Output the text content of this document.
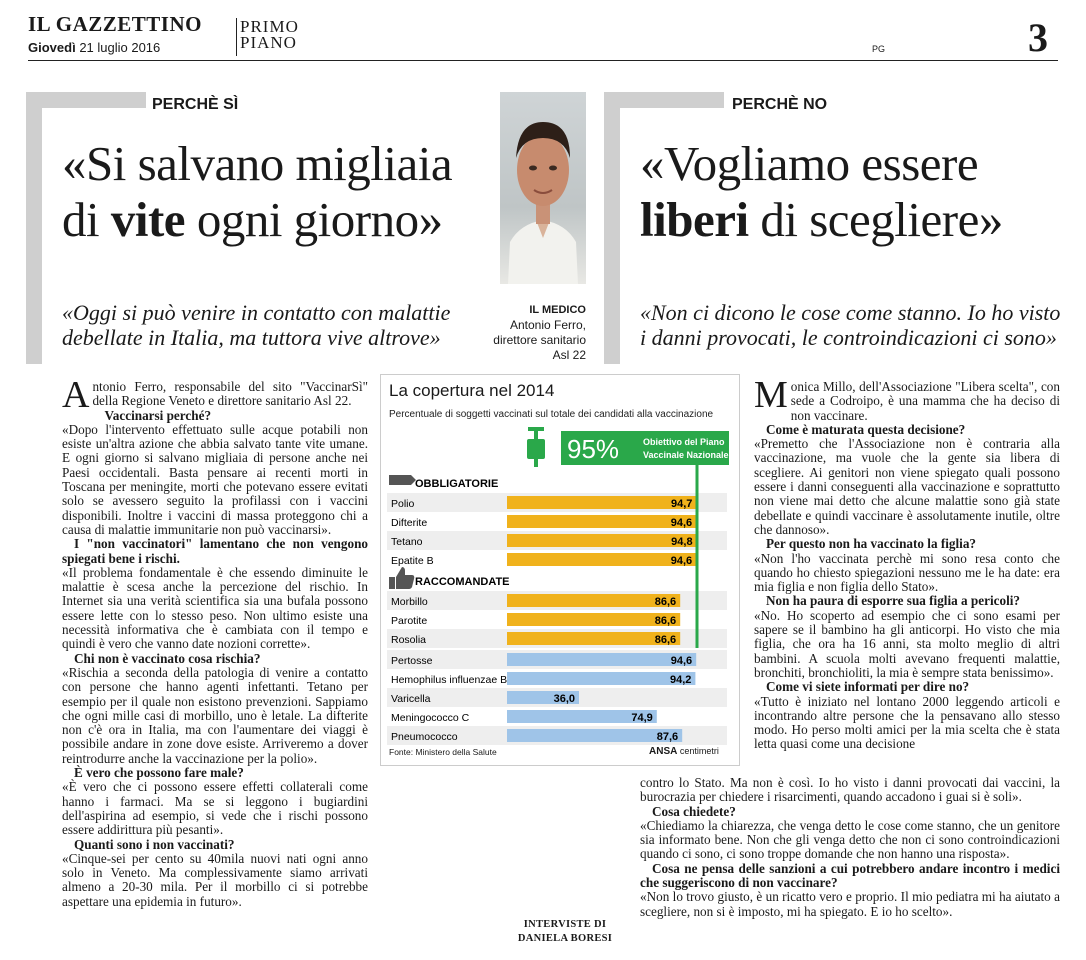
IL GAZZETTINO
Giovedì 21 luglio 2016
PRIMO
PIANO	PG	3
PERCHÈ SÌ
«Si salvano migliaia
di vite ogni giorno»
«Oggi si può venire in contatto con malattie debellate in Italia, ma tuttora vive altrove»
IL MEDICO
Antonio Ferro, direttore sanitario Asl 22
PERCHÈ NO
«Vogliamo essere
liberi di scegliere»
«Non ci dicono le cose come stanno. Io ho visto i danni provocati, le controindicazioni ci sono»

Antonio Ferro, responsabile del sito "VaccinarSì" della Regione Veneto e direttore sanitario Asl 22.

Vaccinarsi perché?

«Dopo l'intervento effettuato sulle acque potabili non esiste un'altra azione che abbia salvato tante vite umane. E ogni giorno si salvano migliaia di persone anche nei Paesi occidentali. Basta pensare ai recenti morti in Toscana per meningite, morti che potevano essere evitati solo se avessero seguito la profilassi con i vaccini disponibili. Inoltre i vaccini di massa proteggono chi a causa di malattie immunitarie non può vaccinarsi».

I "non vaccinatori" lamentano che non vengono spiegati bene i rischi.

«Il problema fondamentale è che essendo diminuite le malattie è scesa anche la percezione del rischio. In Internet sia una verità scientifica sia una bufala possono essere lette con lo stesso peso. Non ultimo esiste una necessità informativa che è cambiata con il tempo e quindi è vero che vanno date nozioni corrette».

Chi non è vaccinato cosa rischia?

«Rischia a seconda della patologia di venire a contatto con persone che hanno agenti infettanti. Tetano per esempio per il quale non esistono prevenzioni. Sappiamo che ogni mille casi di morbillo, uno è letale. La difterite non c'è ora in Italia, ma con l'aumentare dei viaggi è possibile andare in zone dove esiste. Arriveremo a dover reintrodurre anche la vaccinazione per la polio».

È vero che possono fare male?

«È vero che ci possono essere effetti collaterali come hanno i farmaci. Ma se si leggono i bugiardini dell'aspirina ad esempio, si vede che i rischi possono essere addirittura più pesanti».

Quanti sono i non vaccinati?

«Cinque-sei per cento su 40mila nuovi nati ogni anno solo in Veneto. Ma complessivamente siamo arrivati almeno a 20-30 mila. Per il morbillo ci si potrebbe aspettare una epidemia in futuro».

Monica Millo, dell'Associazione "Libera scelta", con sede a Codroipo, è una mamma che ha deciso di non vaccinare.

Come è maturata questa decisione?

«Premetto che l'Associazione non è contraria alla vaccinazione, ma vuole che la gente sia libera di scegliere. Ai genitori non viene spiegato quali possono essere i danni conseguenti alla vaccinazione e soprattutto non viene mai detto che alcune malattie sono già state debellate e quindi vaccinare è assolutamente inutile, oltre che dannoso».

Per questo non ha vaccinato la figlia?

«Non l'ho vaccinata perchè mi sono resa conto che quando ho chiesto spiegazioni nessuno me le ha date: era mia figlia e non figlia dello Stato».

Non ha paura di esporre sua figlia a pericoli?

«No. Ho scoperto ad esempio che ci sono esami per sapere se il bambino ha gli anticorpi. Ho visto che mia figlia, che ora ha 16 anni, sta molto meglio di altri bambini. A scuola molti avevano frequenti malattie, bronchiti, bronchioliti, la mia è sempre stata benissimo».

Come vi siete informati per dire no?

«Tutto è iniziato nel lontano 2000 leggendo articoli e incontrando altre persone che la pensavano allo stesso modo. Ho perso molti amici per la mia scelta che è stata letta quasi come una decisione

contro lo Stato. Ma non è così. Io ho visto i danni provocati dai vaccini, la burocrazia per chiedere i risarcimenti, quando accadono i guai si è soli».

Cosa chiedete?

«Chiediamo la chiarezza, che venga detto le cose come stanno, che un genitore sia informato bene. Non che gli venga detto che non ci sono controindicazioni quando ci sono, ci sono troppe domande che non hanno una risposta».

Cosa ne pensa delle sanzioni a cui potrebbero andare incontro i medici che suggeriscono di non vaccinare?

«Non lo trovo giusto, è un ricatto vero e proprio. Il mio pediatra mi ha aiutato a scegliere, non si è imposto, mi ha spiegato. E io ho scelto».

INTERVISTE DI
DANIELA BORESI
La copertura nel 2014
Percentuale di soggetti vaccinati sul totale dei candidati alla vaccinazione
95%	Obiettivo del Piano
Vaccinale Nazionale
OBBLIGATORIE
Polio	94,7
Difterite	94,6
Tetano	94,8
Epatite B	94,6
RACCOMANDATE
Morbillo	86,6
Parotite	86,6
Rosolia	86,6
Pertosse	94,6
Hemophilus influenzae B	94,2
Varicella	36,0
Meningococco C	74,9
Pneumococco	87,6
Fonte: Ministero della Salute	ANSA centimetri
